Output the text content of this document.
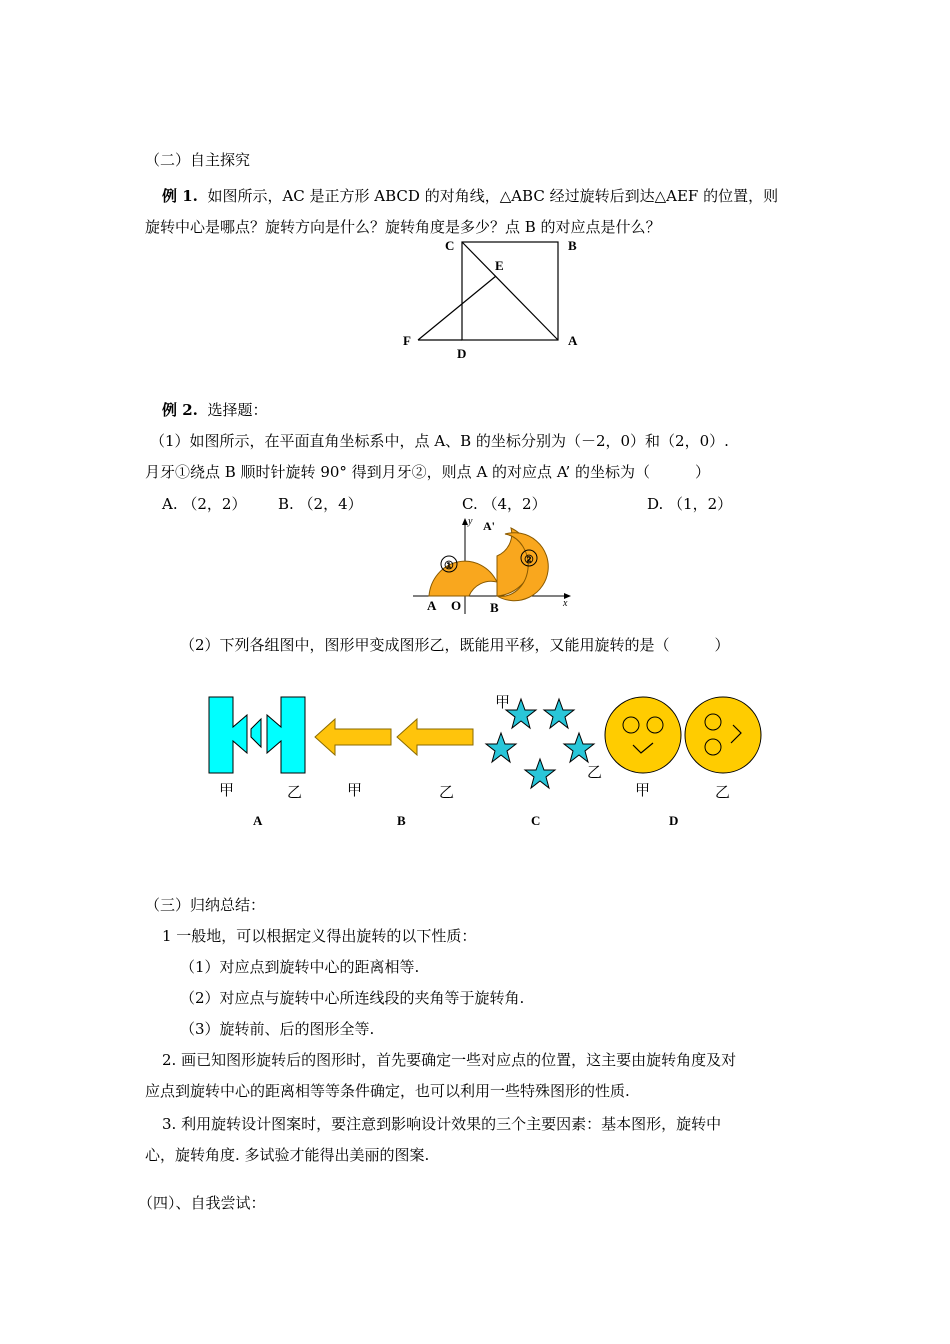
（二）自主探究
例 1. 如图所示，AC 是正方形 ABCD 的对角线，△ABC 经过旋转后到达△AEF 的位置，则
旋转中心是哪点？旋转方向是什么？旋转角度是多少？点 B 的对应点是什么？
C	B
E
F
D
A
例 2. 选择题：
（1）如图所示，在平面直角坐标系中，点 A、B 的坐标分别为（－2，0）和（2，0）.
月牙①绕点 B 顺时针旋转 90° 得到月牙②，则点 A 的对应点 A’ 的坐标为（　　　）
A. （2，2） B. （2，4）	C. （4，2）	D. （1，2）
①	②
y A'
x
A O B
（2）下列各组图中，图形甲变成图形乙，既能用平移，又能用旋转的是（　　　）
甲	乙
A
甲	乙
B
甲
乙
C
甲	乙
D
（三）归纳总结：
1 一般地，可以根据定义得出旋转的以下性质：
（1）对应点到旋转中心的距离相等.
（2）对应点与旋转中心所连线段的夹角等于旋转角.
（3）旋转前、后的图形全等.
2. 画已知图形旋转后的图形时，首先要确定一些对应点的位置，这主要由旋转角度及对
应点到旋转中心的距离相等等条件确定，也可以利用一些特殊图形的性质.
3. 利用旋转设计图案时，要注意到影响设计效果的三个主要因素：基本图形，旋转中
心，旋转角度. 多试验才能得出美丽的图案.
（四）、自我尝试：
